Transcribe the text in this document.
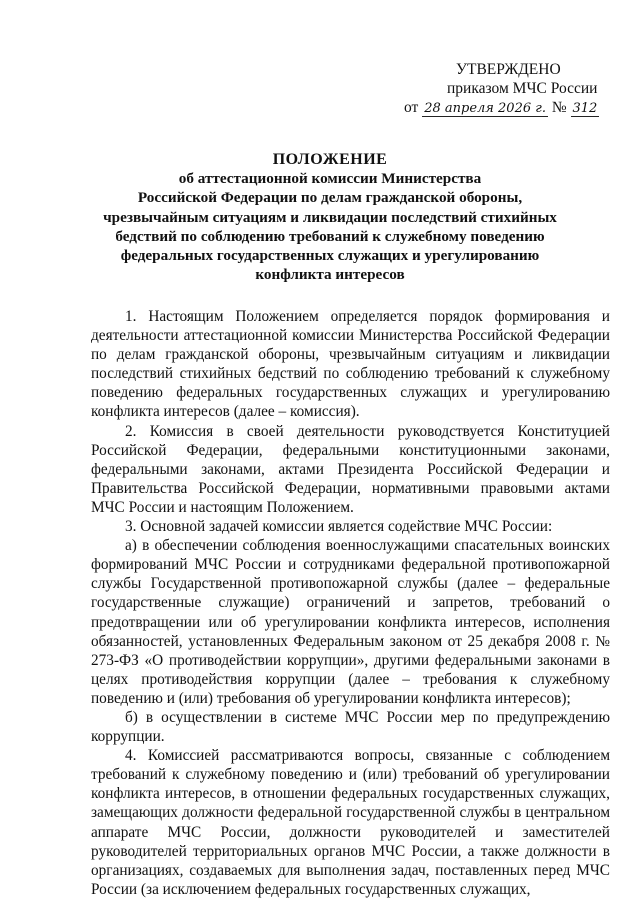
УТВЕРЖДЕНО
приказом МЧС России
от 28 апреля 2026 г. № 312
ПОЛОЖЕНИЕ
об аттестационной комиссии Министерства
Российской Федерации по делам гражданской обороны,
чрезвычайным ситуациям и ликвидации последствий стихийных
бедствий по соблюдению требований к служебному поведению
федеральных государственных служащих и урегулированию
конфликта интересов

1. Настоящим Положением определяется порядок формирования и деятельности аттестационной комиссии Министерства Российской Федерации по делам гражданской обороны, чрезвычайным ситуациям и ликвидации последствий стихийных бедствий по соблюдению требований к служебному поведению федеральных государственных служащих и урегулированию конфликта интересов (далее – комиссия).

2. Комиссия в своей деятельности руководствуется Конституцией Российской Федерации, федеральными конституционными законами, федеральными законами, актами Президента Российской Федерации и Правительства Российской Федерации, нормативными правовыми актами МЧС России и настоящим Положением.

3. Основной задачей комиссии является содействие МЧС России:

а) в обеспечении соблюдения военнослужащими спасательных воинских формирований МЧС России и сотрудниками федеральной противопожарной службы Государственной противопожарной службы (далее – федеральные государственные служащие) ограничений и запретов, требований о предотвращении или об урегулировании конфликта интересов, исполнения обязанностей, установленных Федеральным законом от 25 декабря 2008 г. № 273-ФЗ «О противодействии коррупции», другими федеральными законами в целях противодействия коррупции (далее – требования к служебному поведению и (или) требования об урегулировании конфликта интересов);

б) в осуществлении в системе МЧС России мер по предупреждению коррупции.

4. Комиссией рассматриваются вопросы, связанные с соблюдением требований к служебному поведению и (или) требований об урегулировании конфликта интересов, в отношении федеральных государственных служащих, замещающих должности федеральной государственной службы в центральном аппарате МЧС России, должности руководителей и заместителей руководителей территориальных органов МЧС России, а также должности в организациях, создаваемых для выполнения задач, поставленных перед МЧС России (за исключением федеральных государственных служащих,
